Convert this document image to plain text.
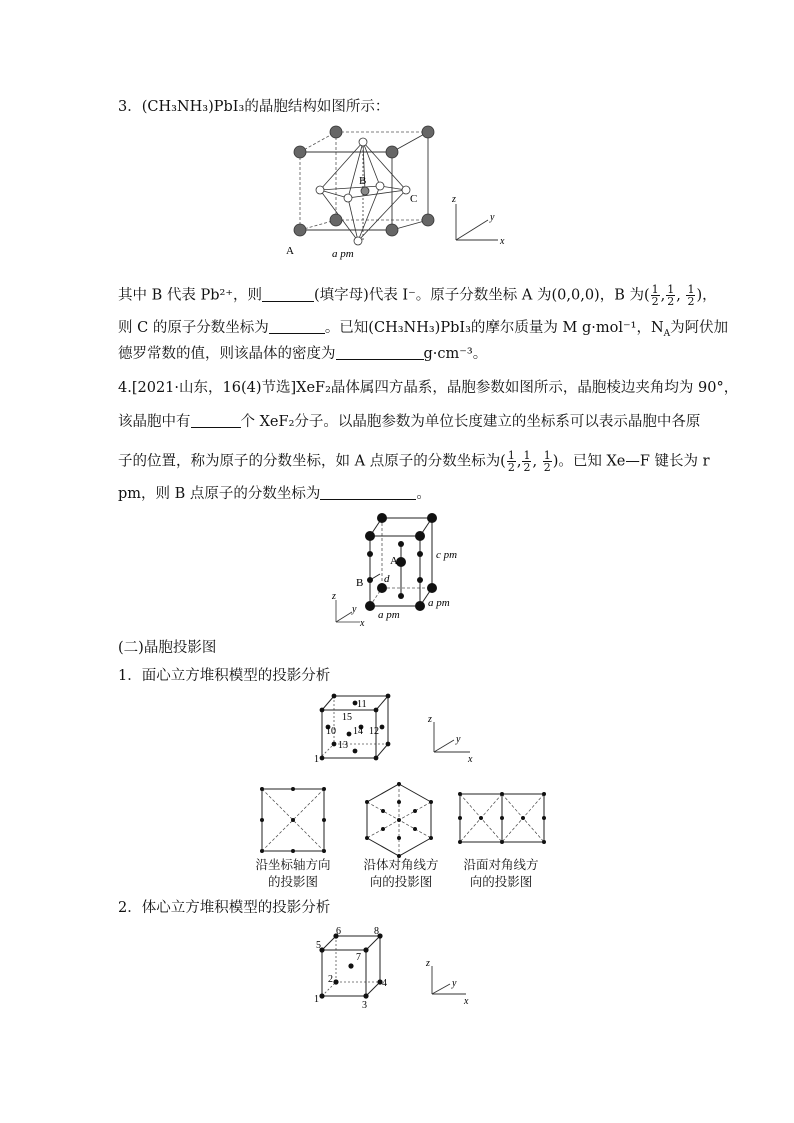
3．(CH₃NH₃)PbI₃的晶胞结构如图所示：
B
C
A	a pm
z
y
x
其中 B 代表 Pb²⁺，则	(填字母)代表 I⁻。原子分数坐标 A 为(0,0,0)，B 为( $\frac{1}{2}$ , $\frac{1}{2}$ , $\frac{1}{2}$ )，
则 C 的原子分数坐标为	。已知(CH₃NH₃)PbI₃的摩尔质量为 M g·mol⁻¹，$N_A$为阿伏加
德罗常数的值，则该晶体的密度为	g·cm⁻³。
4.[2021·山东，16(4)节选]XeF₂晶体属四方晶系，晶胞参数如图所示，晶胞棱边夹角均为 90°，
该晶胞中有	个 XeF₂分子。以晶胞参数为单位长度建立的坐标系可以表示晶胞中各原
子的位置，称为原子的分数坐标，如 A 点原子的分数坐标为( $\frac{1}{2}$ , $\frac{1}{2}$ , $\frac{1}{2}$ )。已知 Xe—F 键长为 r
pm，则 B 点原子的分数坐标为	。
A
B d
c pm
a pm
a pm
z
y
x
(二)晶胞投影图
1．面心立方堆积模型的投影分析
11
15
10 14 12
13
1
z
y
x
沿坐标轴方向
的投影图
沿体对角线方
向的投影图
沿面对角线方
向的投影图
2．体心立方堆积模型的投影分析
6	8
5
7
2	4
1
3
z
y
x
